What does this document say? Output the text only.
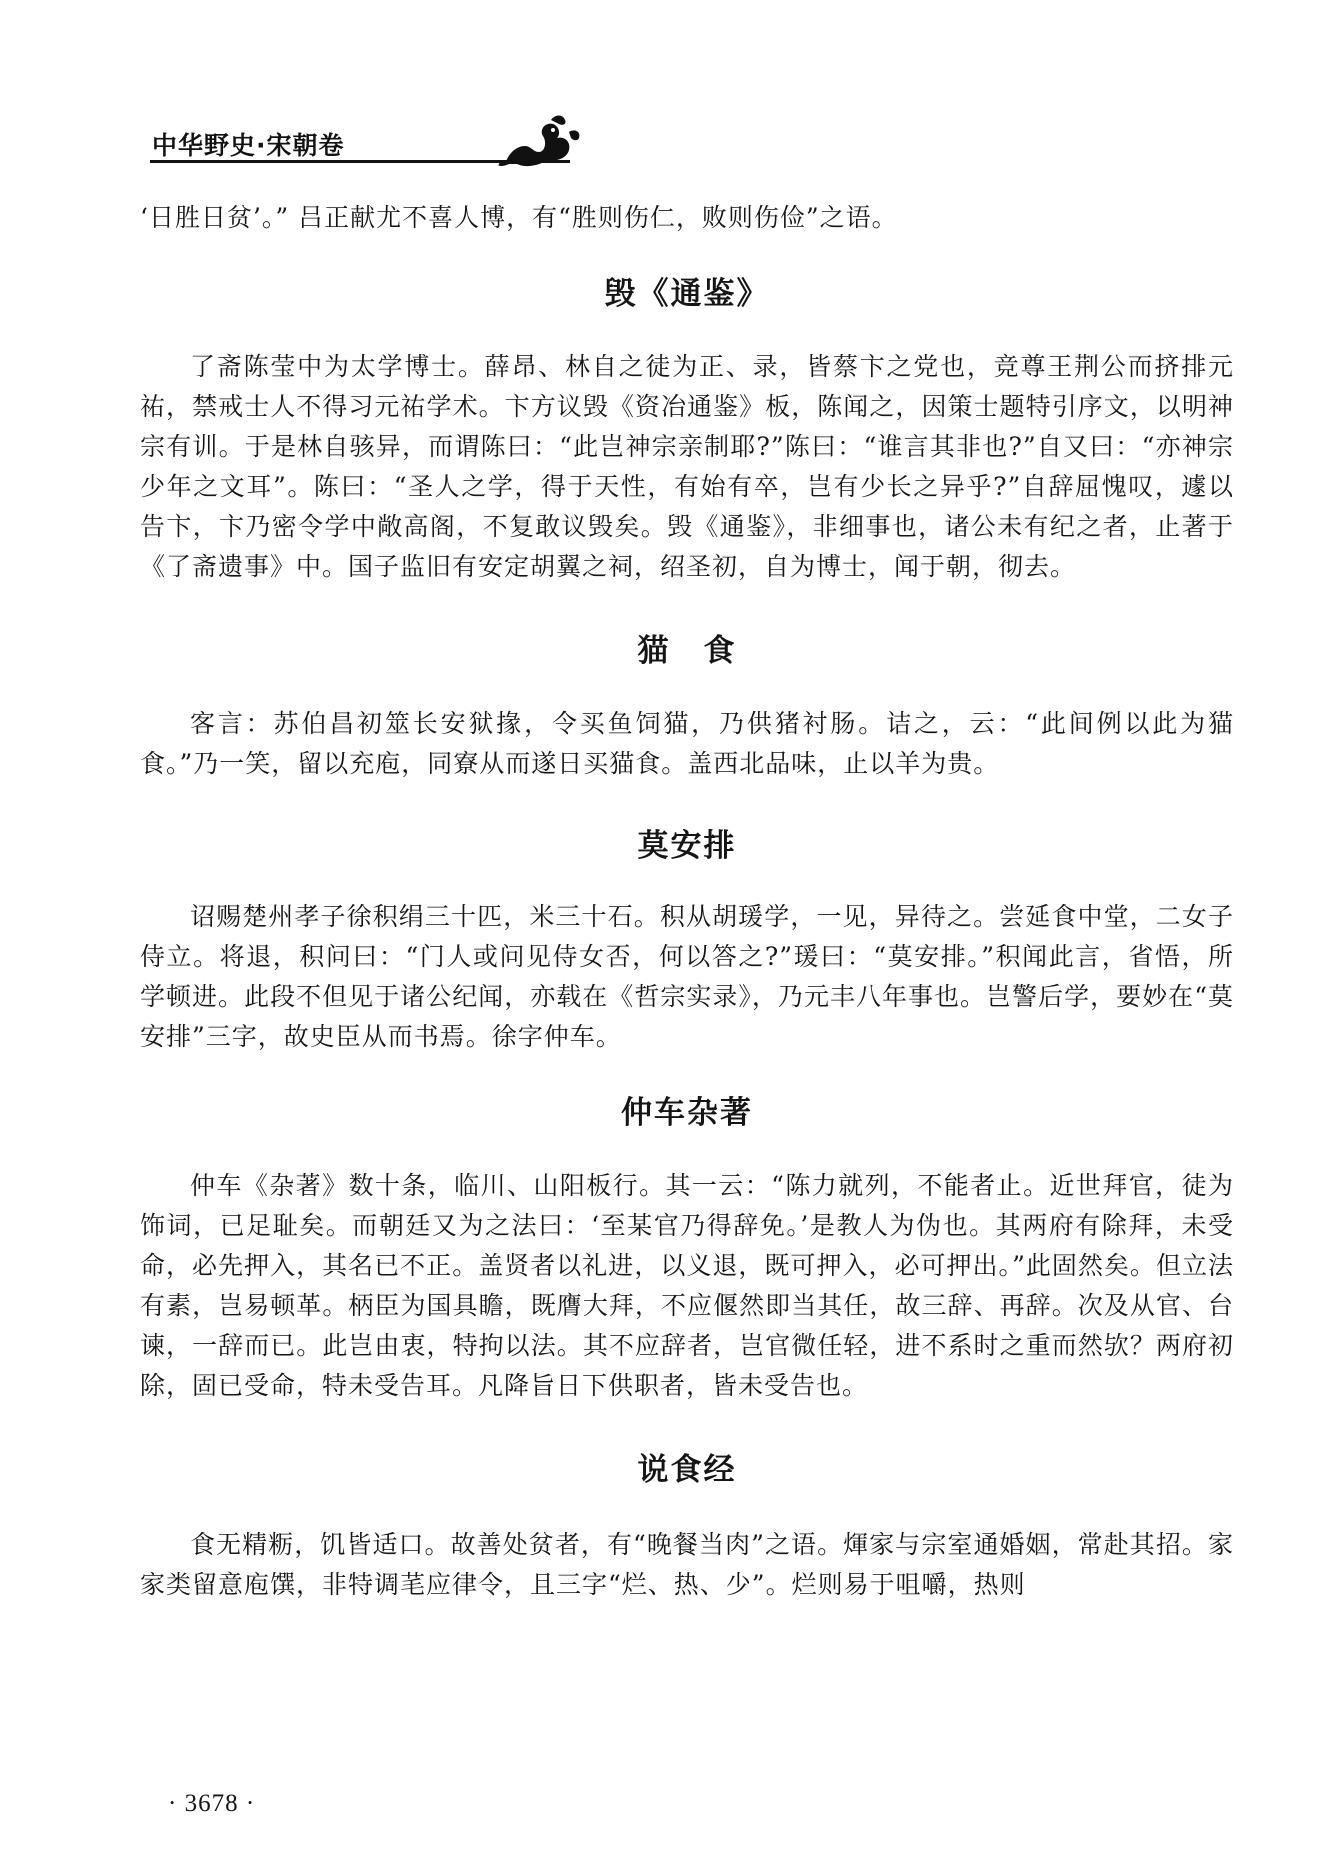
中华野史·宋朝卷

‘日胜日贫’。” 吕正献尤不喜人博，有“胜则伤仁，败则伤俭”之语。

毁《通鉴》

了斋陈莹中为太学博士。薛昂、林自之徒为正、录，皆蔡卞之党也，竞尊王荆公而挤排元祐，禁戒士人不得习元祐学术。卞方议毁《资冶通鉴》板，陈闻之，因策士题特引序文，以明神宗有训。于是林自骇异，而谓陈曰：“此岂神宗亲制耶?”陈曰：“谁言其非也?”自又曰：“亦神宗少年之文耳”。陈曰：“圣人之学，得于天性，有始有卒，岂有少长之异乎?”自辞屈愧叹，遽以告卞，卞乃密令学中敞高阁，不复敢议毁矣。毁《通鉴》，非细事也，诸公未有纪之者，止著于《了斋遗事》中。国子监旧有安定胡翼之祠，绍圣初，自为博士，闻于朝，彻去。

猫　食

客言：苏伯昌初筮长安狱掾，令买鱼饲猫，乃供猪衬肠。诘之，云：“此间例以此为猫食。”乃一笑，留以充庖，同寮从而遂日买猫食。盖西北品味，止以羊为贵。

莫安排

诏赐楚州孝子徐积绢三十匹，米三十石。积从胡瑗学，一见，异待之。尝延食中堂，二女子侍立。将退，积问曰：“门人或问见侍女否，何以答之?”瑗曰：“莫安排。”积闻此言，省悟，所学顿进。此段不但见于诸公纪闻，亦载在《哲宗实录》，乃元丰八年事也。岂警后学，要妙在“莫安排”三字，故史臣从而书焉。徐字仲车。

仲车杂著

仲车《杂著》数十条，临川、山阳板行。其一云：“陈力就列，不能者止。近世拜官，徒为饰词，已足耻矣。而朝廷又为之法曰：‘至某官乃得辞免。’是教人为伪也。其两府有除拜，未受命，必先押入，其名已不正。盖贤者以礼进，以义退，既可押入，必可押出。”此固然矣。但立法有素，岂易顿革。柄臣为国具瞻，既膺大拜，不应偃然即当其任，故三辞、再辞。次及从官、台谏，一辞而已。此岂由衷，特拘以法。其不应辞者，岂官微任轻，进不系时之重而然欤？两府初除，固已受命，特未受告耳。凡降旨日下供职者，皆未受告也。

说食经

食无精粝，饥皆适口。故善处贫者，有“晚餐当肉”之语。煇家与宗室通婚姻，常赴其招。家家类留意庖馔，非特调芼应律令，且三字“烂、热、少”。烂则易于咀嚼，热则

· 3678 ·
